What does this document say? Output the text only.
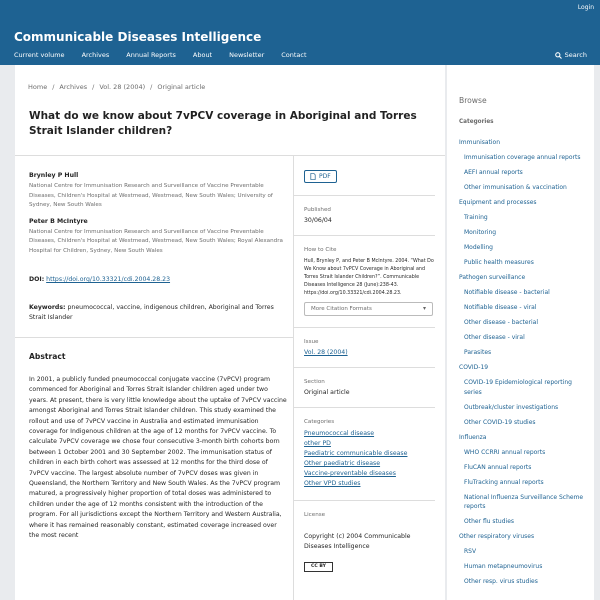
Login
Communicable Diseases Intelligence
Current volume	Archives	Annual Reports	About	Newsletter	Contact	Search
Home / Archives / Vol. 28 (2004) / Original article
What do we know about 7vPCV coverage in Aboriginal and Torres Strait Islander children?
Brynley P Hull
National Centre for Immunisation Research and Surveillance of Vaccine Preventable Diseases, Children's Hospital at Westmead, Westmead, New South Wales; University of Sydney, New South Wales
Peter B McIntyre
National Centre for Immunisation Research and Surveillance of Vaccine Preventable Diseases, Children's Hospital at Westmead, Westmead, New South Wales; Royal Alexandra Hospital for Children, Sydney, New South Wales
DOI: https://doi.org/10.33321/cdi.2004.28.23
Keywords: pneumococcal, vaccine, indigenous children, Aboriginal and Torres Strait Islander
Abstract
In 2001, a publicly funded pneumococcal conjugate vaccine (7vPCV) program commenced for Aboriginal and Torres Strait Islander children aged under two years. At present, there is very little knowledge about the uptake of 7vPCV vaccine amongst Aboriginal and Torres Strait Islander children. This study examined the rollout and use of 7vPCV vaccine in Australia and estimated immunisation
coverage for Indigenous children at the age of 12 months for 7vPCV vaccine. To calculate 7vPCV coverage we chose four consecutive 3-month birth cohorts born between 1 October 2001 and 30 September 2002. The immunisation status of children in each birth cohort was assessed at 12 months for the third dose of 7vPCV vaccine. The largest absolute number of 7vPCV doses was given in Queensland, the Northern Territory and New South Wales. As the 7vPCV program matured, a progressively higher proportion of total doses was administered to children under the age of 12 months consistent with the introduction of the program. For all jurisdictions except the Northern Territory and Western Australia, where it has remained reasonably constant, estimated coverage increased over the most recent
PDF
Published
30/06/04
How to Cite
Hull, Brynley P, and Peter B McIntyre. 2004. “What Do We Know about 7vPCV Coverage in Aboriginal and Torres Strait Islander Children?”. Communicable Diseases Intelligence 28 (June):238-43. https://doi.org/10.33321/cdi.2004.28.23.
More Citation Formats	▾
Issue
Vol. 28 (2004)
Section
Original article
Categories
Pneumococcal disease
other PD
Paediatric communicable disease
Other paediatric disease
Vaccine-preventable diseases
Other VPD studies
License
Copyright (c) 2004 Communicable Diseases Intelligence
CC BY
Browse
Categories
Immunisation
Immunisation coverage annual reports
AEFI annual reports
Other immunisation & vaccination
Equipment and processes
Training
Monitoring
Modelling
Public health measures
Pathogen surveillance
Notifiable disease - bacterial
Notifiable disease - viral
Other disease - bacterial
Other disease - viral
Parasites
COVID-19
COVID-19 Epidemiological reporting series
Outbreak/cluster investigations
Other COVID-19 studies
Influenza
WHO CCRRI annual reports
FluCAN annual reports
FluTracking annual reports
National Influenza Surveillance Scheme reports
Other flu studies
Other respiratory viruses
RSV
Human metapneumovirus
Other resp. virus studies
